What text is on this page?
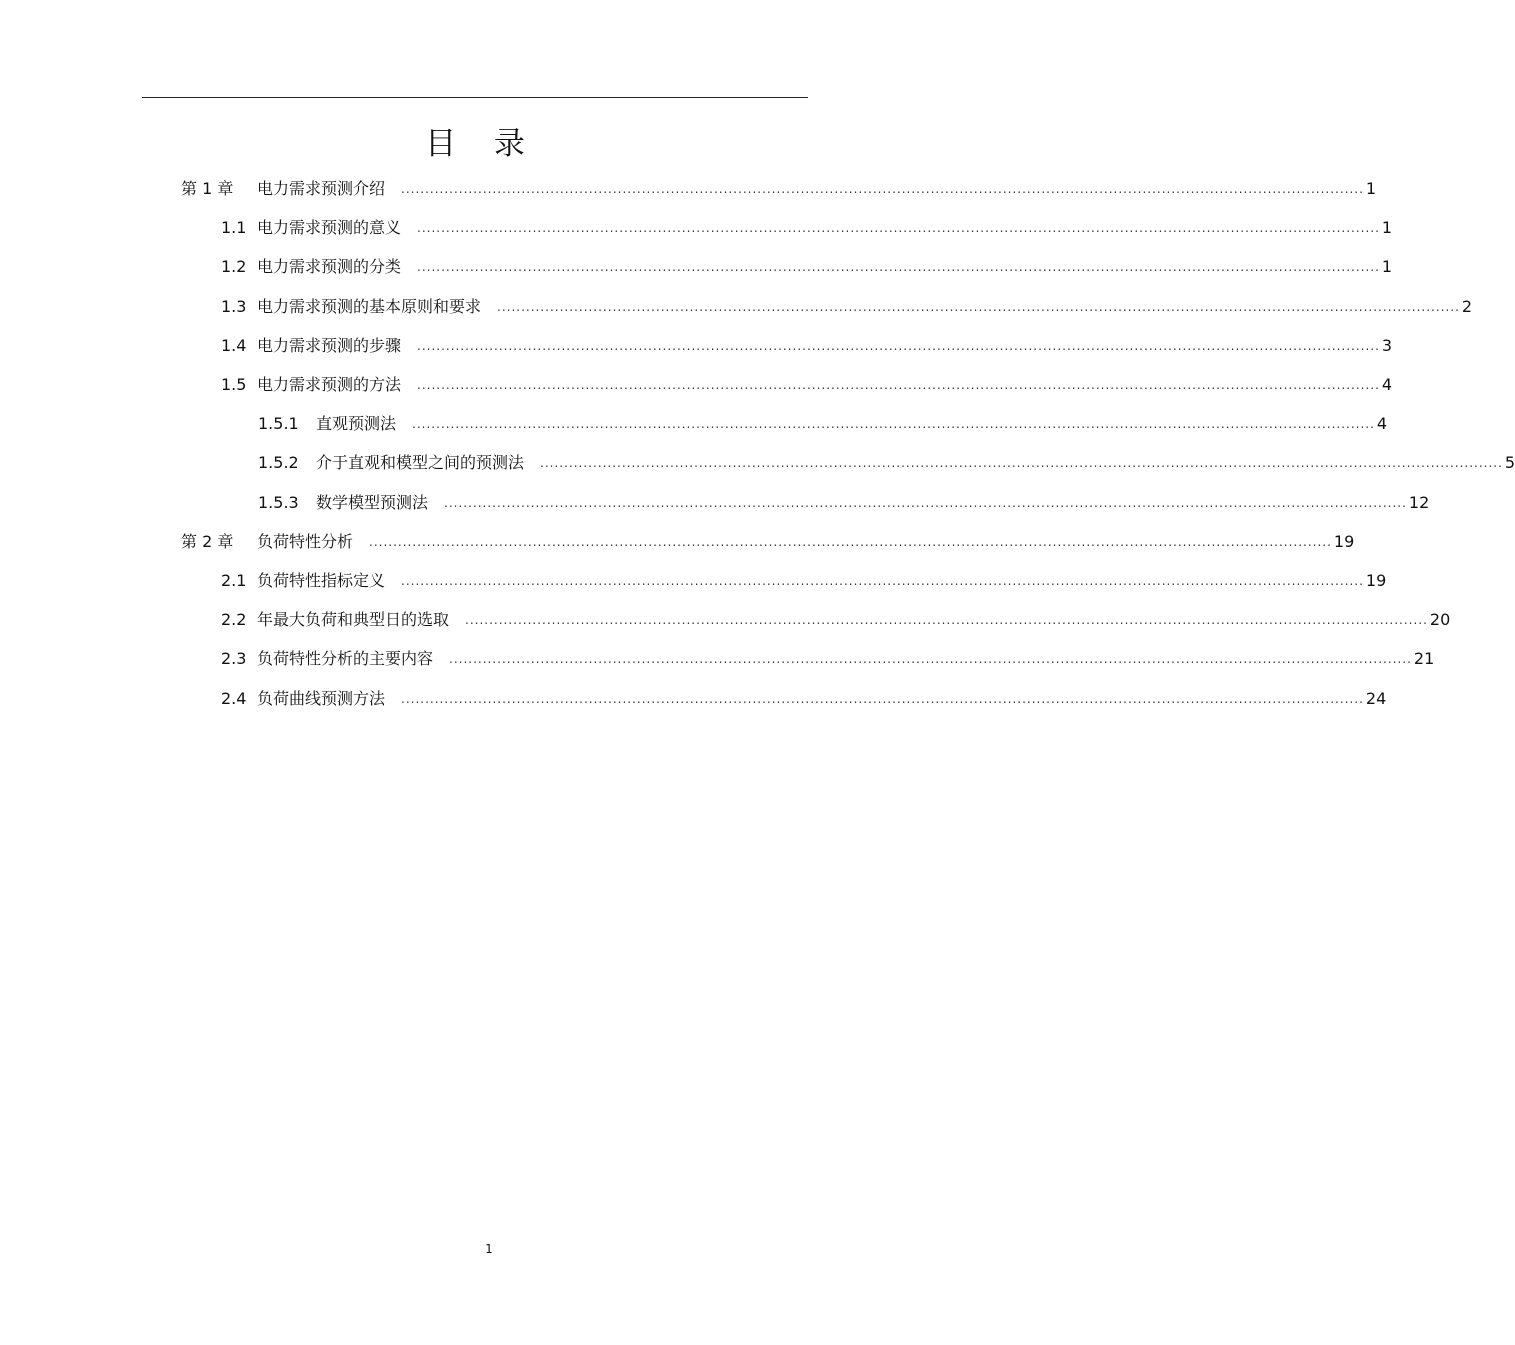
目 录
第 1 章	电力需求预测介绍 ........................................................................................................................................................................................................ 1
1.1 电力需求预测的意义 ........................................................................................................................................................................................................ 1
1.2 电力需求预测的分类 ........................................................................................................................................................................................................ 1
1.3 电力需求预测的基本原则和要求 ........................................................................................................................................................................................................ 2
1.4 电力需求预测的步骤 ........................................................................................................................................................................................................ 3
1.5 电力需求预测的方法 ........................................................................................................................................................................................................ 4
1.5.1	直观预测法 ........................................................................................................................................................................................................ 4
1.5.2	介于直观和模型之间的预测法 ........................................................................................................................................................................................................ 5
1.5.3	数学模型预测法 ........................................................................................................................................................................................................ 12
第 2 章	负荷特性分析 ........................................................................................................................................................................................................ 19
2.1 负荷特性指标定义 ........................................................................................................................................................................................................ 19
2.2 年最大负荷和典型日的选取 ........................................................................................................................................................................................................ 20
2.3 负荷特性分析的主要内容 ........................................................................................................................................................................................................ 21
2.4 负荷曲线预测方法 ........................................................................................................................................................................................................ 24
1
